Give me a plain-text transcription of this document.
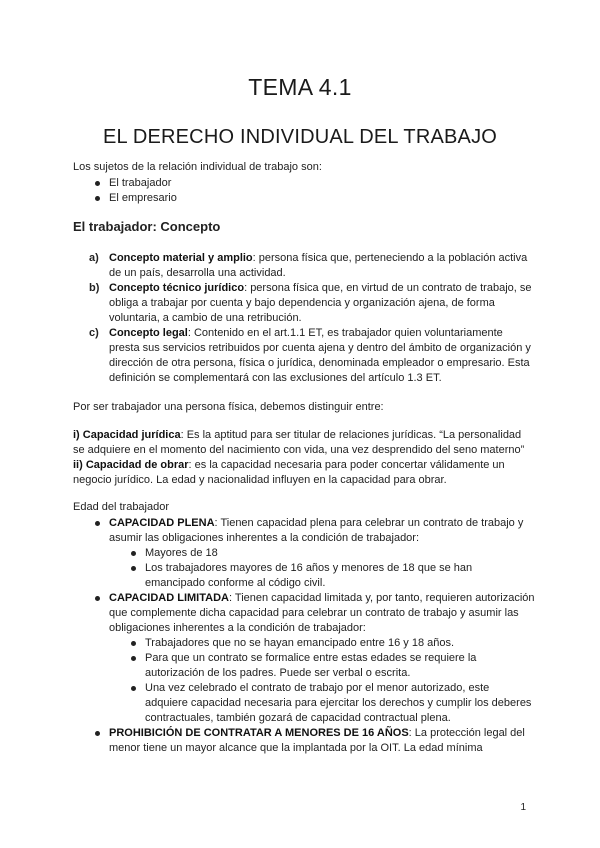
TEMA 4.1
EL DERECHO INDIVIDUAL DEL TRABAJO

Los sujetos de la relación individual de trabajo son:

El trabajador
El empresario

El trabajador: Concepto

a) Concepto material y amplio: persona física que, perteneciendo a la población activa de un país, desarrolla una actividad.
b) Concepto técnico jurídico: persona física que, en virtud de un contrato de trabajo, se obliga a trabajar por cuenta y bajo dependencia y organización ajena, de forma voluntaria, a cambio de una retribución.
c) Concepto legal: Contenido en el art.1.1 ET, es trabajador quien voluntariamente presta sus servicios retribuidos por cuenta ajena y dentro del ámbito de organización y dirección de otra persona, física o jurídica, denominada empleador o empresario. Esta definición se complementará con las exclusiones del artículo 1.3 ET.

Por ser trabajador una persona física, debemos distinguir entre:

i) Capacidad jurídica: Es la aptitud para ser titular de relaciones jurídicas. “La personalidad se adquiere en el momento del nacimiento con vida, una vez desprendido del seno materno”
ii) Capacidad de obrar: es la capacidad necesaria para poder concertar válidamente un negocio jurídico. La edad y nacionalidad influyen en la capacidad para obrar.

Edad del trabajador

CAPACIDAD PLENA: Tienen capacidad plena para celebrar un contrato de trabajo y asumir las obligaciones inherentes a la condición de trabajador:
Mayores de 18
Los trabajadores mayores de 16 años y menores de 18 que se han emancipado conforme al código civil.
CAPACIDAD LIMITADA: Tienen capacidad limitada y, por tanto, requieren autorización que complemente dicha capacidad para celebrar un contrato de trabajo y asumir las obligaciones inherentes a la condición de trabajador:
Trabajadores que no se hayan emancipado entre 16 y 18 años.
Para que un contrato se formalice entre estas edades se requiere la autorización de los padres. Puede ser verbal o escrita.
Una vez celebrado el contrato de trabajo por el menor autorizado, este adquiere capacidad necesaria para ejercitar los derechos y cumplir los deberes contractuales, también gozará de capacidad contractual plena.
PROHIBICIÓN DE CONTRATAR A MENORES DE 16 AÑOS: La protección legal del menor tiene un mayor alcance que la implantada por la OIT. La edad mínima
1
